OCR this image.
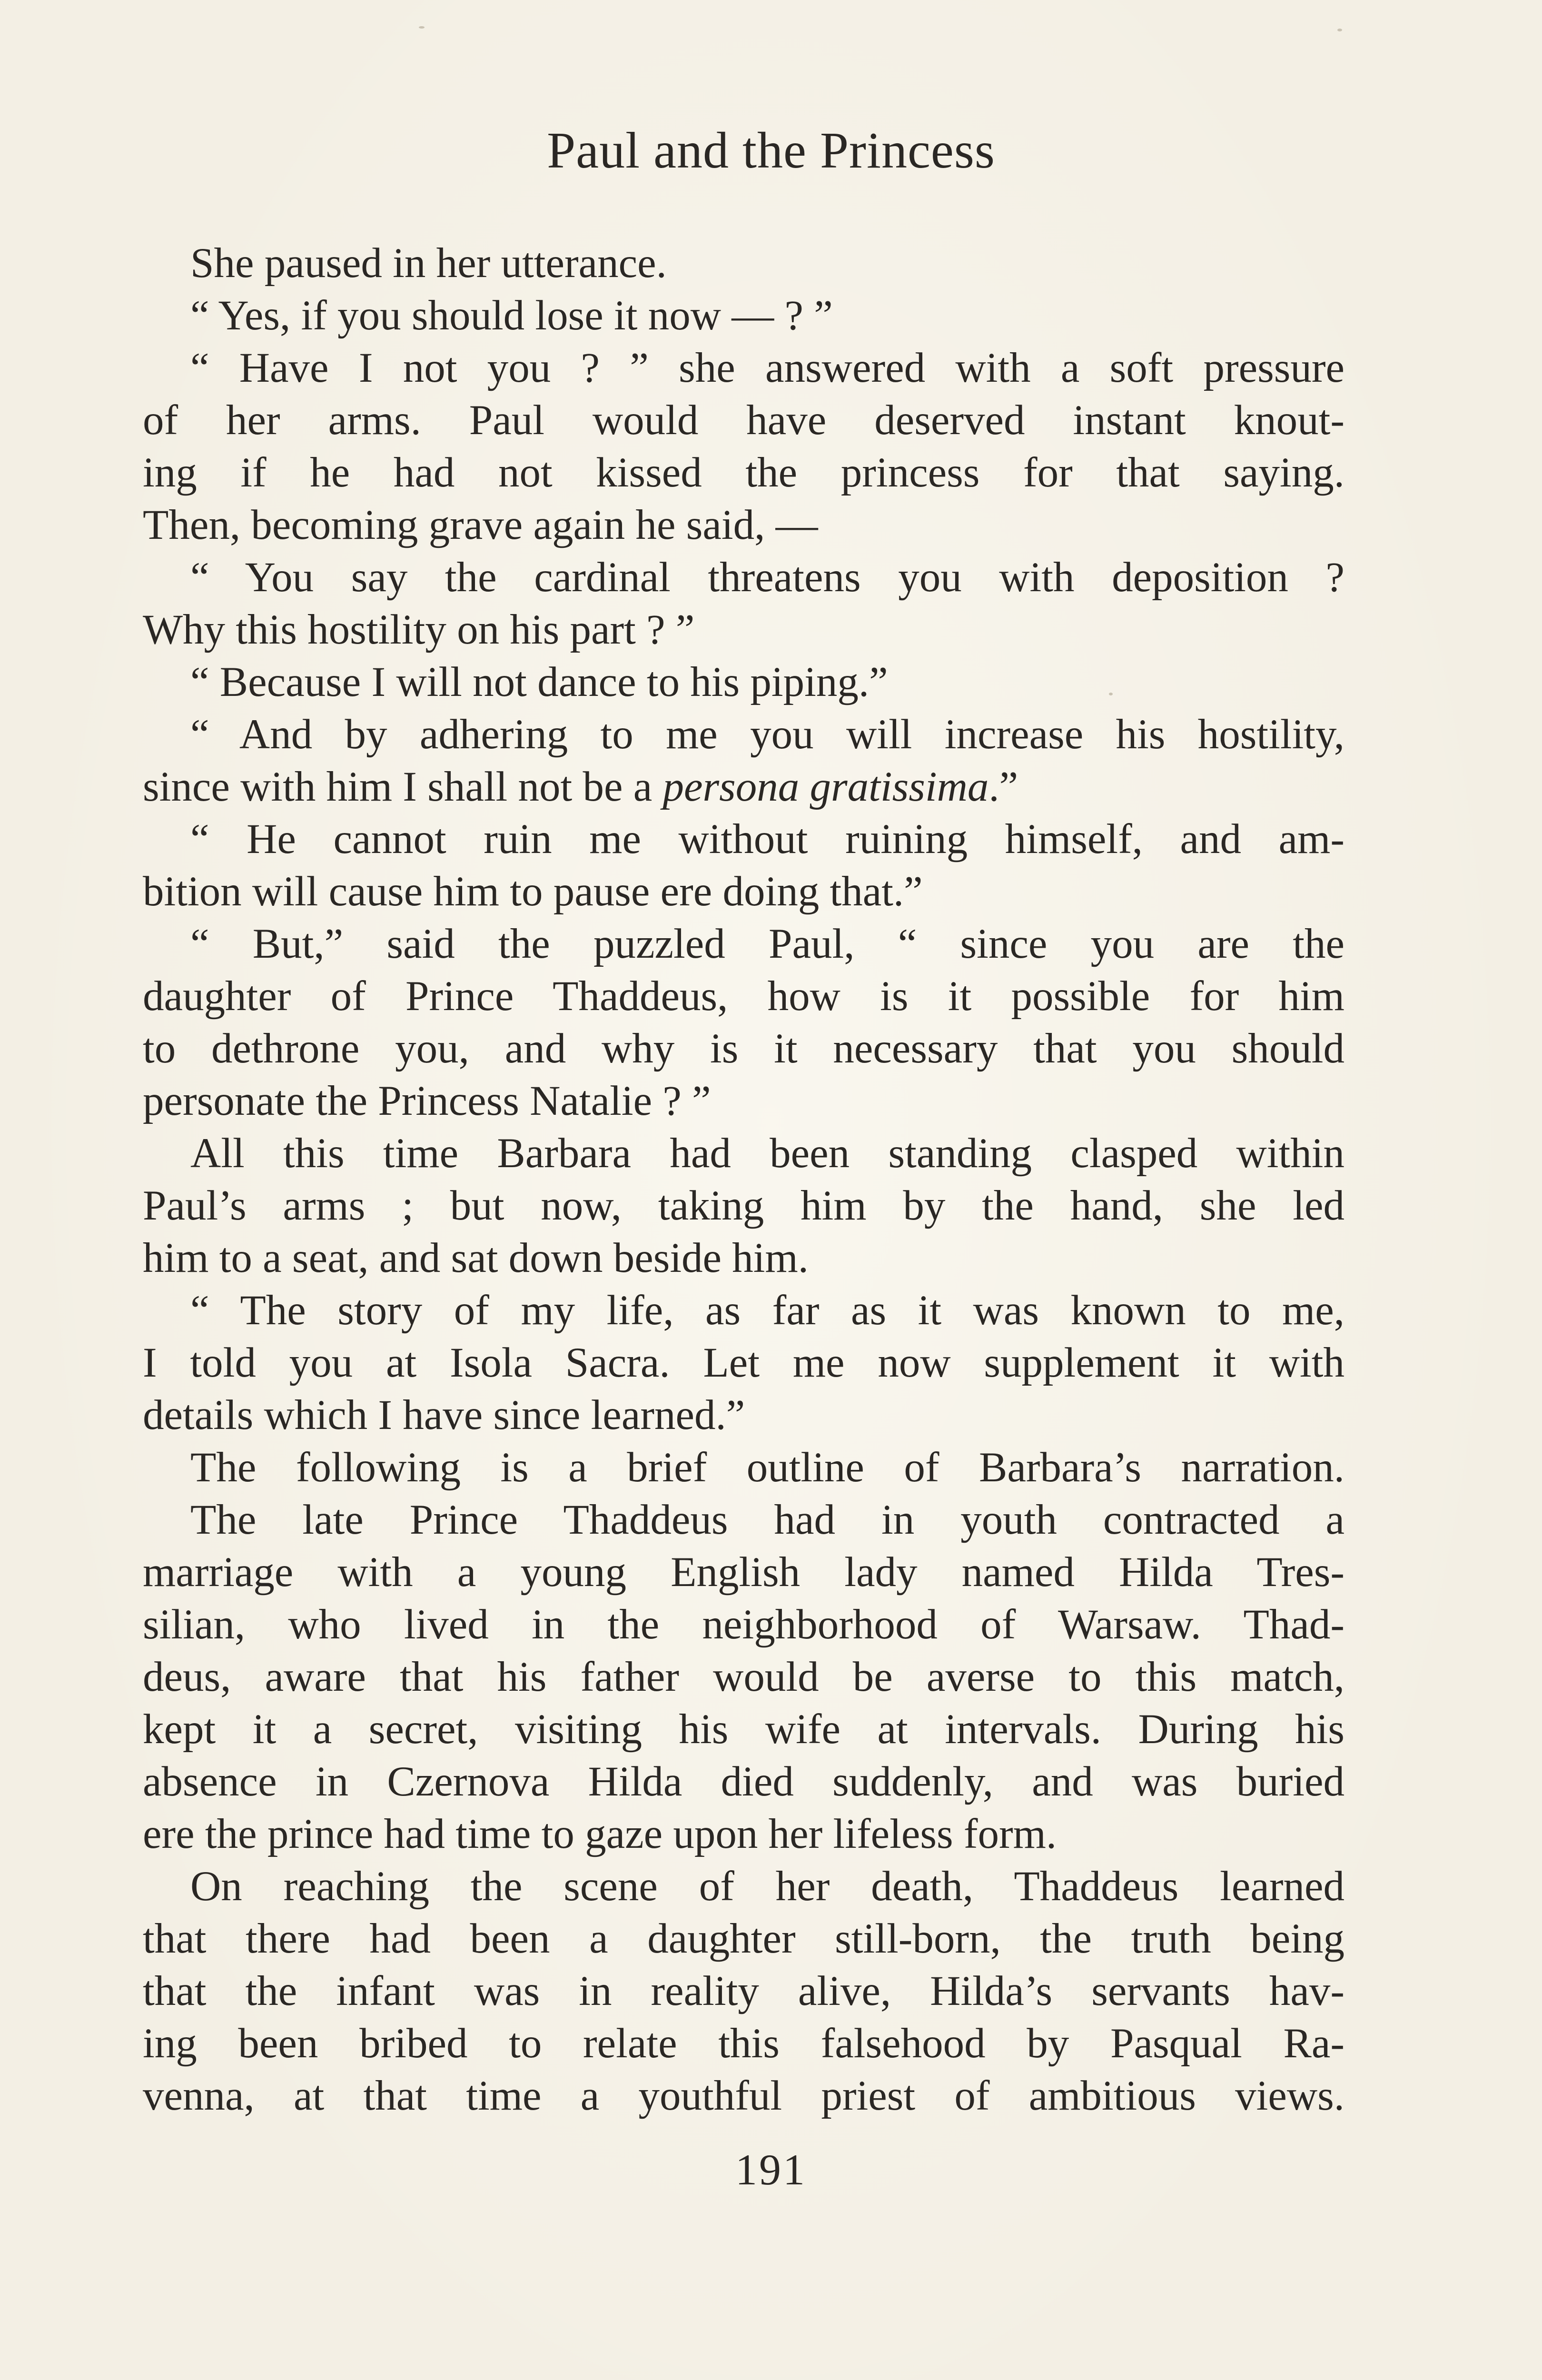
Paul and the Princess
She paused in her utterance.
“ Yes, if you should lose it now — ? ”
“ Have I not you ? ” she answered with a soft pressure
of her arms. Paul would have deserved instant knout-
ing if he had not kissed the princess for that saying.
Then, becoming grave again he said, —
“ You say the cardinal threatens you with deposition ?
Why this hostility on his part ? ”
“ Because I will not dance to his piping.”
“ And by adhering to me you will increase his hostility,
since with him I shall not be a persona gratissima.”
“ He cannot ruin me without ruining himself, and am-
bition will cause him to pause ere doing that.”
“ But,” said the puzzled Paul, “ since you are the
daughter of Prince Thaddeus, how is it possible for him
to dethrone you, and why is it necessary that you should
personate the Princess Natalie ? ”
All this time Barbara had been standing clasped within
Paul’s arms ; but now, taking him by the hand, she led
him to a seat, and sat down beside him.
“ The story of my life, as far as it was known to me,
I told you at Isola Sacra. Let me now supplement it with
details which I have since learned.”
The following is a brief outline of Barbara’s narration.
The late Prince Thaddeus had in youth contracted a
marriage with a young English lady named Hilda Tres-
silian, who lived in the neighborhood of Warsaw. Thad-
deus, aware that his father would be averse to this match,
kept it a secret, visiting his wife at intervals. During his
absence in Czernova Hilda died suddenly, and was buried
ere the prince had time to gaze upon her lifeless form.
On reaching the scene of her death, Thaddeus learned
that there had been a daughter still-born, the truth being
that the infant was in reality alive, Hilda’s servants hav-
ing been bribed to relate this falsehood by Pasqual Ra-
venna, at that time a youthful priest of ambitious views.
191
